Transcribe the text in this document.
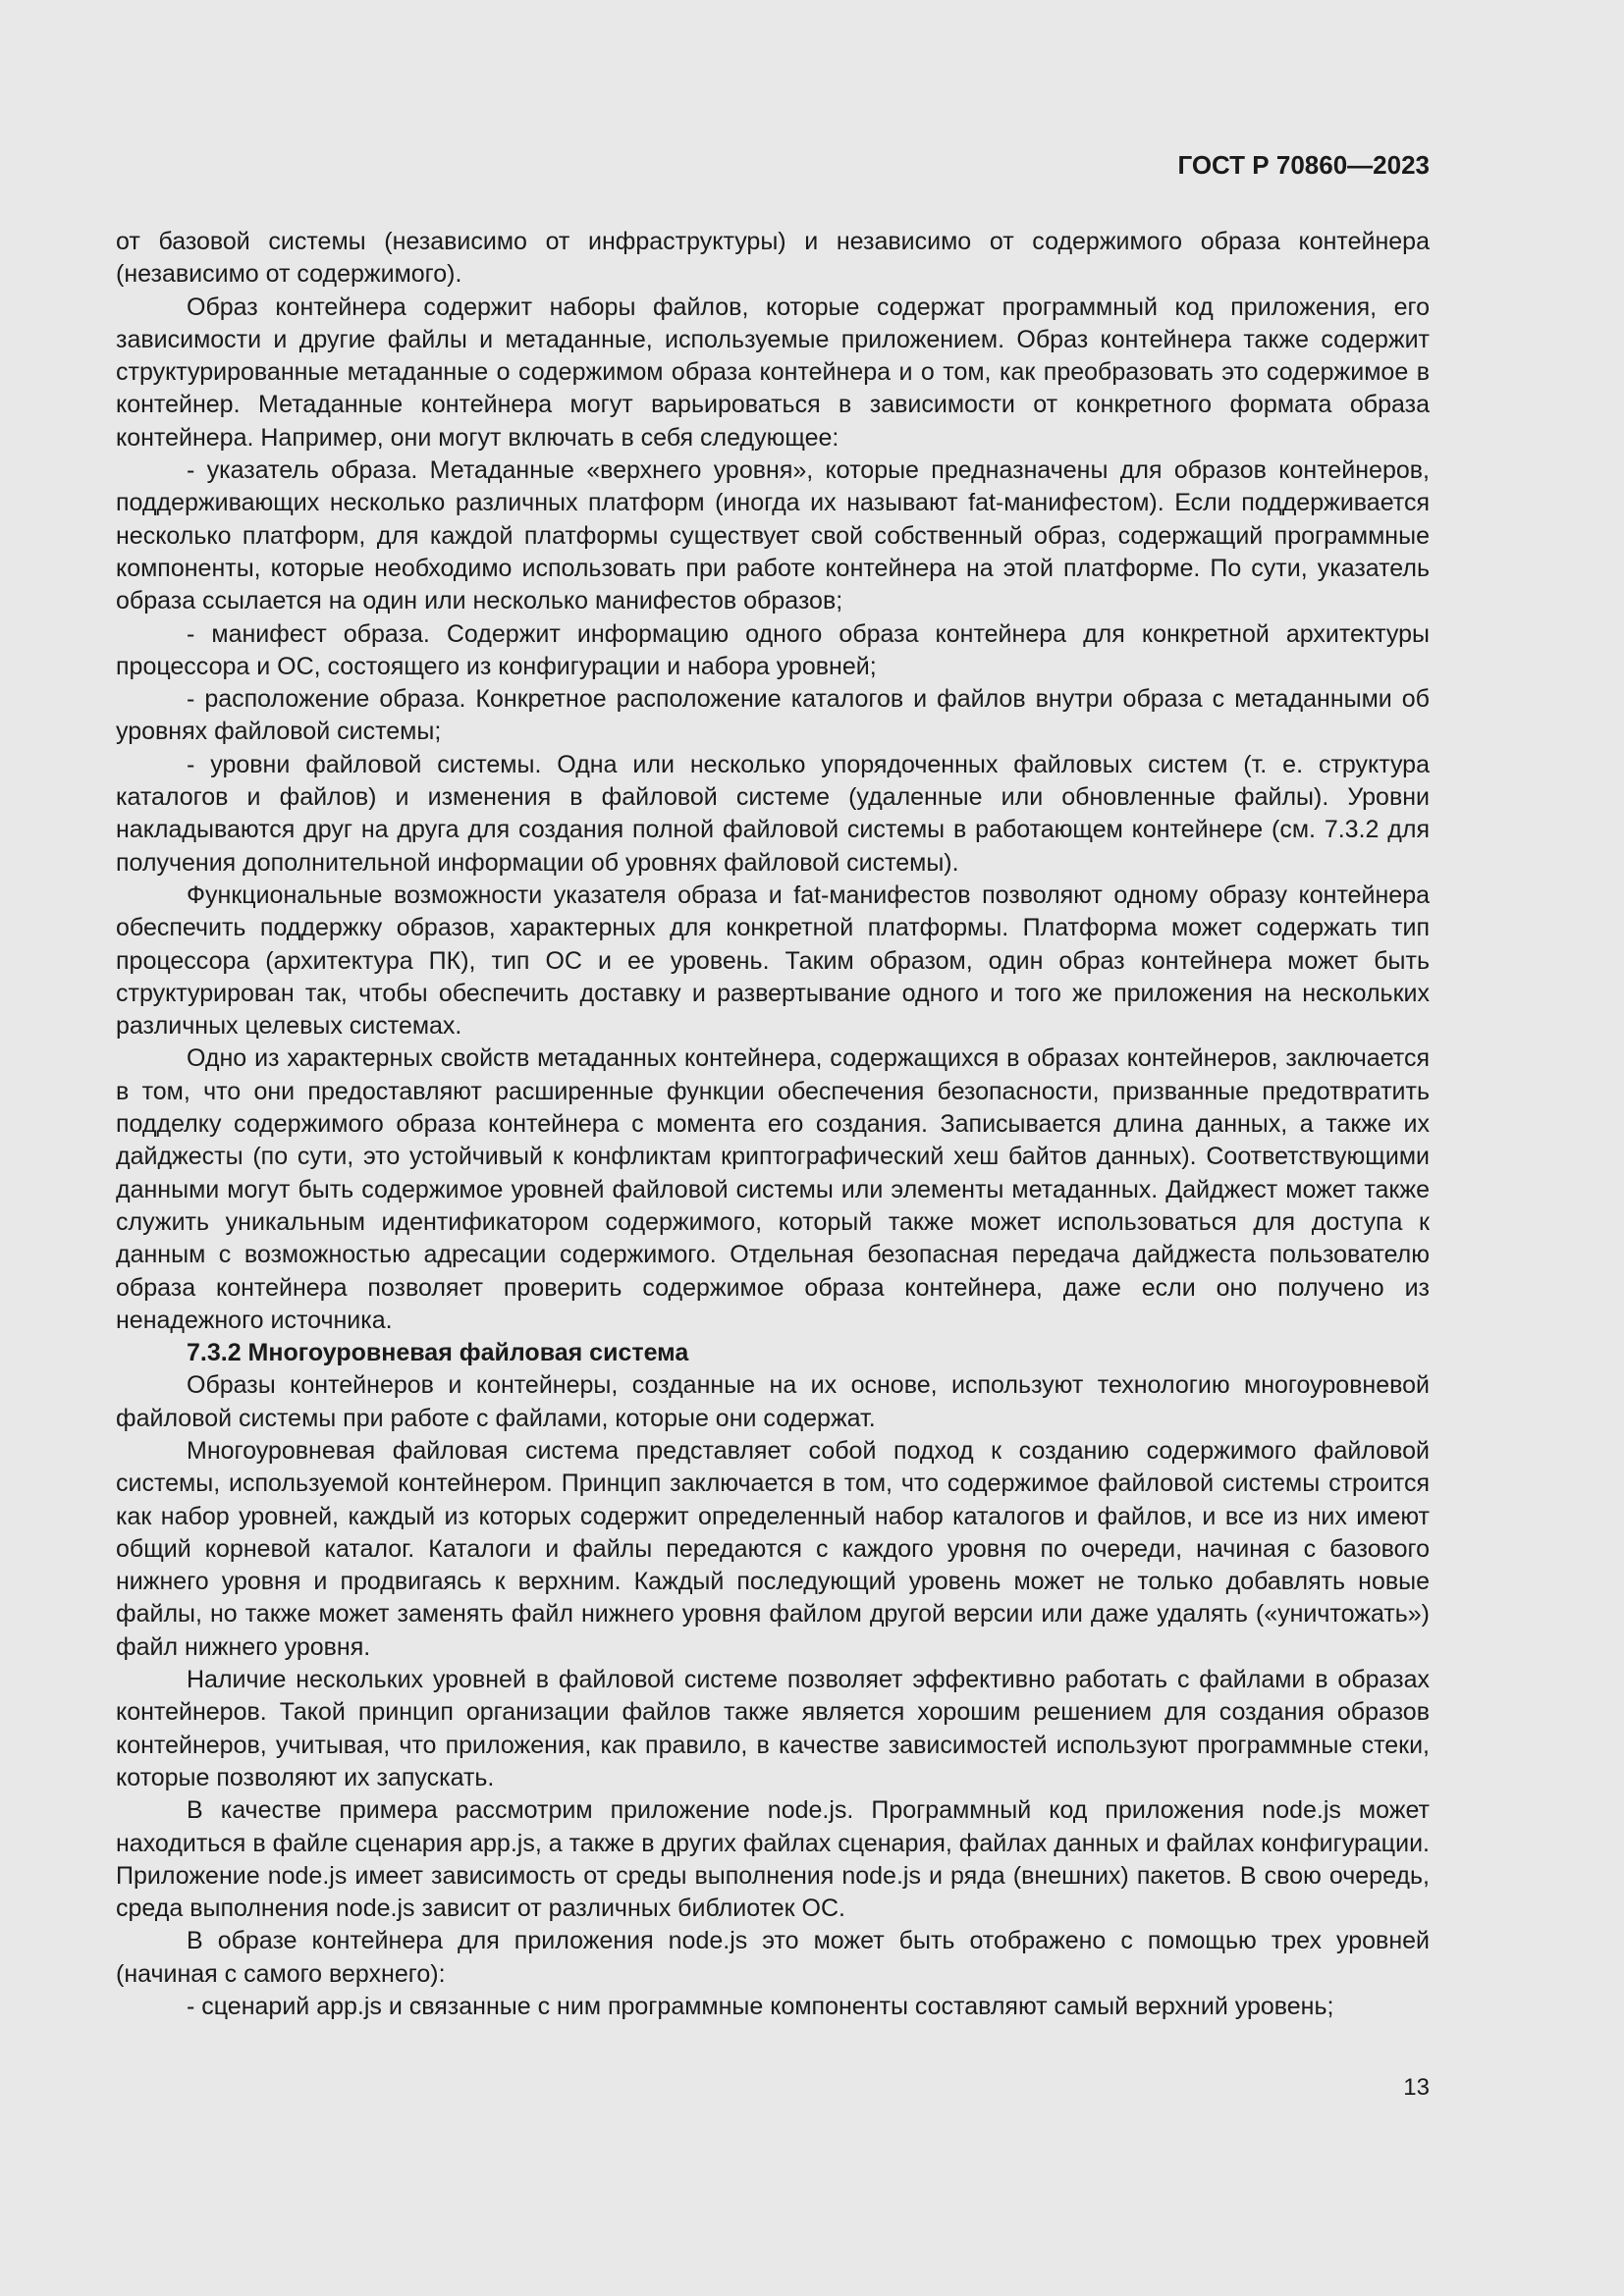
ГОСТ Р 70860—2023

от базовой системы (независимо от инфраструктуры) и независимо от содержимого образа контейнера (независимо от содержимого).

Образ контейнера содержит наборы файлов, которые содержат программный код приложения, его зависимости и другие файлы и метаданные, используемые приложением. Образ контейнера также содержит структурированные метаданные о содержимом образа контейнера и о том, как преобразовать это содержимое в контейнер. Метаданные контейнера могут варьироваться в зависимости от конкретного формата образа контейнера. Например, они могут включать в себя следующее:

- указатель образа. Метаданные «верхнего уровня», которые предназначены для образов контейнеров, поддерживающих несколько различных платформ (иногда их называют fat-манифестом). Если поддерживается несколько платформ, для каждой платформы существует свой собственный образ, содержащий программные компоненты, которые необходимо использовать при работе контейнера на этой платформе. По сути, указатель образа ссылается на один или несколько манифестов образов;

- манифест образа. Содержит информацию одного образа контейнера для конкретной архитектуры процессора и ОС, состоящего из конфигурации и набора уровней;

- расположение образа. Конкретное расположение каталогов и файлов внутри образа с метаданными об уровнях файловой системы;

- уровни файловой системы. Одна или несколько упорядоченных файловых систем (т. е. структура каталогов и файлов) и изменения в файловой системе (удаленные или обновленные файлы). Уровни накладываются друг на друга для создания полной файловой системы в работающем контейнере (см. 7.3.2 для получения дополнительной информации об уровнях файловой системы).

Функциональные возможности указателя образа и fat-манифестов позволяют одному образу контейнера обеспечить поддержку образов, характерных для конкретной платформы. Платформа может содержать тип процессора (архитектура ПК), тип ОС и ее уровень. Таким образом, один образ контейнера может быть структурирован так, чтобы обеспечить доставку и развертывание одного и того же приложения на нескольких различных целевых системах.

Одно из характерных свойств метаданных контейнера, содержащихся в образах контейнеров, заключается в том, что они предоставляют расширенные функции обеспечения безопасности, призванные предотвратить подделку содержимого образа контейнера с момента его создания. Записывается длина данных, а также их дайджесты (по сути, это устойчивый к конфликтам криптографический хеш байтов данных). Соответствующими данными могут быть содержимое уровней файловой системы или элементы метаданных. Дайджест может также служить уникальным идентификатором содержимого, который также может использоваться для доступа к данным с возможностью адресации содержимого. Отдельная безопасная передача дайджеста пользователю образа контейнера позволяет проверить содержимое образа контейнера, даже если оно получено из ненадежного источника.

7.3.2 Многоуровневая файловая система

Образы контейнеров и контейнеры, созданные на их основе, используют технологию многоуровневой файловой системы при работе с файлами, которые они содержат.

Многоуровневая файловая система представляет собой подход к созданию содержимого файловой системы, используемой контейнером. Принцип заключается в том, что содержимое файловой системы строится как набор уровней, каждый из которых содержит определенный набор каталогов и файлов, и все из них имеют общий корневой каталог. Каталоги и файлы передаются с каждого уровня по очереди, начиная с базового нижнего уровня и продвигаясь к верхним. Каждый последующий уровень может не только добавлять новые файлы, но также может заменять файл нижнего уровня файлом другой версии или даже удалять («уничтожать») файл нижнего уровня.

Наличие нескольких уровней в файловой системе позволяет эффективно работать с файлами в образах контейнеров. Такой принцип организации файлов также является хорошим решением для создания образов контейнеров, учитывая, что приложения, как правило, в качестве зависимостей используют программные стеки, которые позволяют их запускать.

В качестве примера рассмотрим приложение node.js. Программный код приложения node.js может находиться в файле сценария app.js, а также в других файлах сценария, файлах данных и файлах конфигурации. Приложение node.js имеет зависимость от среды выполнения node.js и ряда (внешних) пакетов. В свою очередь, среда выполнения node.js зависит от различных библиотек ОС.

В образе контейнера для приложения node.js это может быть отображено с помощью трех уровней (начиная с самого верхнего):

- сценарий app.js и связанные с ним программные компоненты составляют самый верхний уровень;

13
